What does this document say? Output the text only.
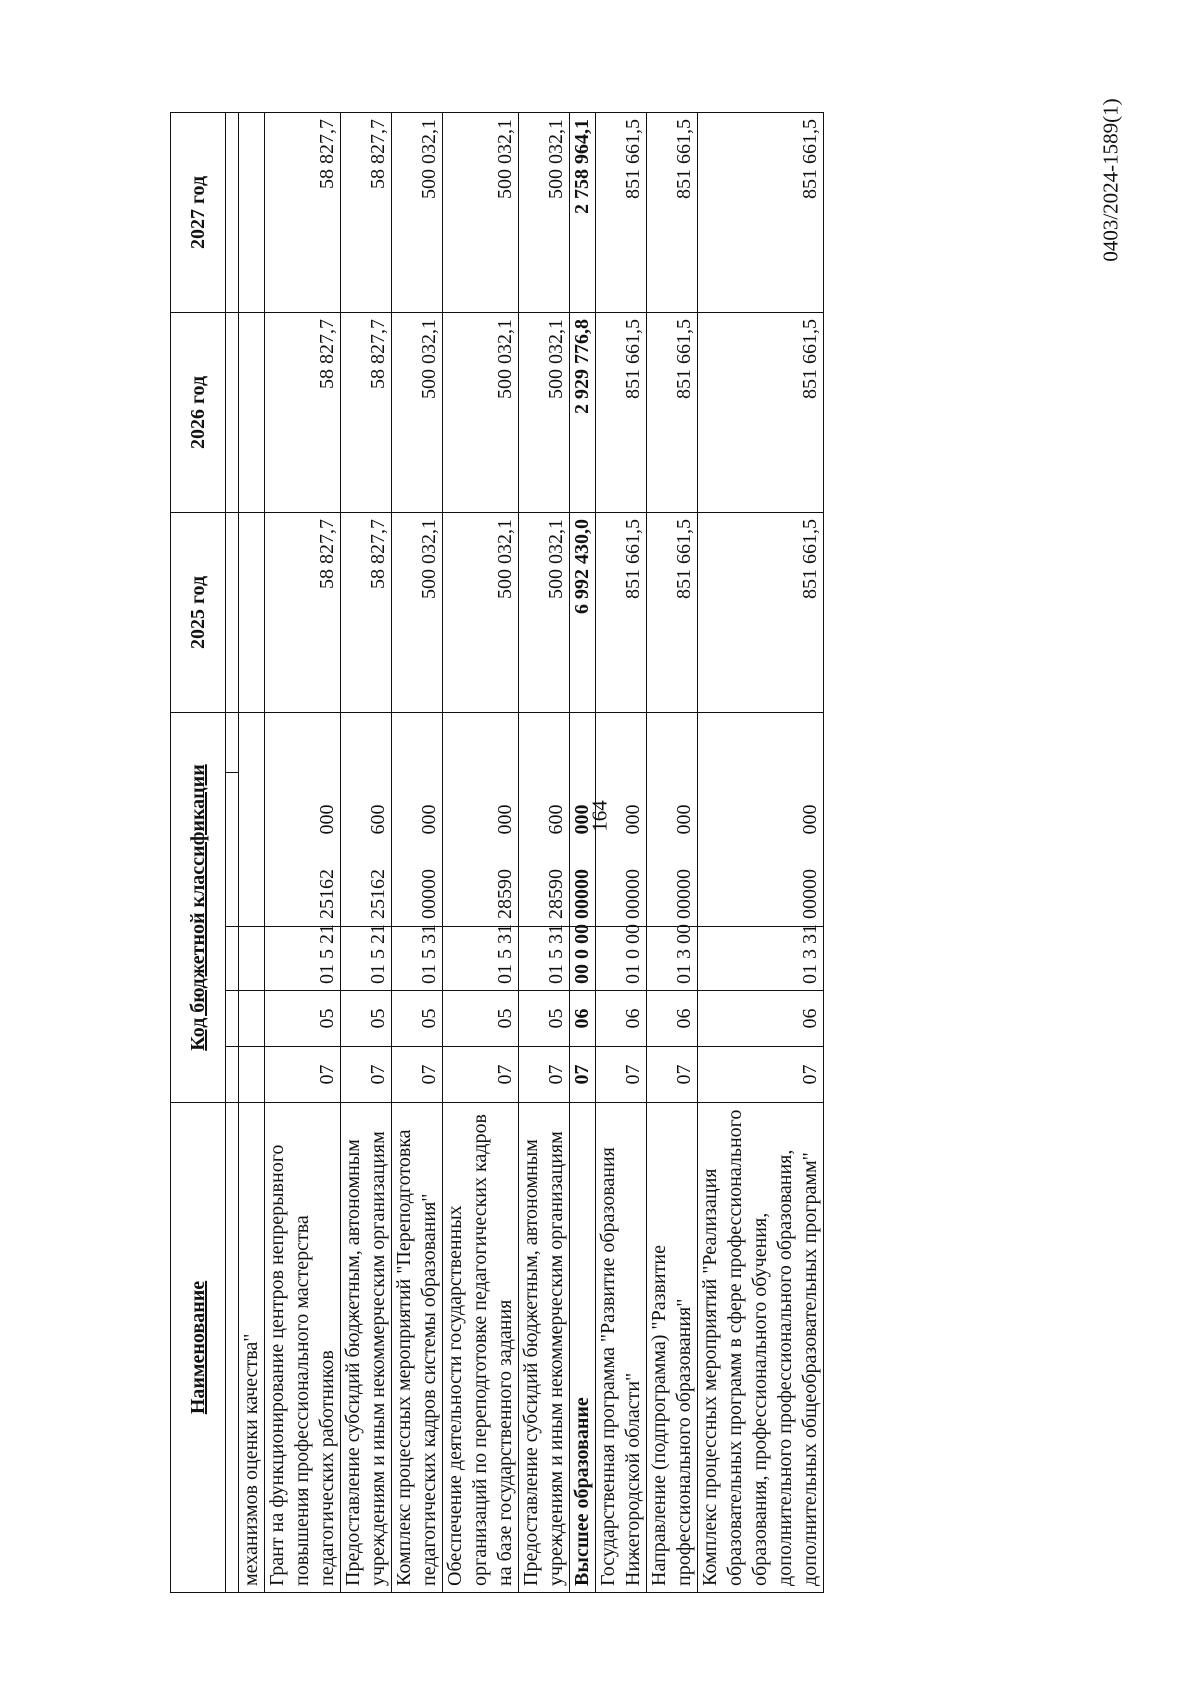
164
0403/2024-1589(1)
Наименование	Код бюджетной классификации					2025 год	2026 год	2027 год

механизмов оценки качества"								
Грант на функционирование центров непрерывного повышения профессионального мастерства педагогических работников	07	05	01 5 21 25162	000		58 827,7	58 827,7	58 827,7
Предоставление субсидий бюджетным, автономным учреждениям и иным некоммерческим организациям	07	05	01 5 21 25162	600		58 827,7	58 827,7	58 827,7
Комплекс процессных мероприятий "Переподготовка педагогических кадров системы образования"	07	05	01 5 31 00000	000		500 032,1	500 032,1	500 032,1
Обеспечение деятельности государственных организаций по переподготовке педагогических кадров на базе государственного задания	07	05	01 5 31 28590	000		500 032,1	500 032,1	500 032,1
Предоставление субсидий бюджетным, автономным учреждениям и иным некоммерческим организациям	07	05	01 5 31 28590	600		500 032,1	500 032,1	500 032,1
Высшее образование	07	06	00 0 00 00000	000		6 992 430,0	2 929 776,8	2 758 964,1
Государственная программа "Развитие образования Нижегородской области"	07	06	01 0 00 00000	000		851 661,5	851 661,5	851 661,5
Направление (подпрограмма) "Развитие профессионального образования"	07	06	01 3 00 00000	000		851 661,5	851 661,5	851 661,5
Комплекс процессных мероприятий "Реализация образовательных программ в сфере профессионального образования, профессионального обучения, дополнительного профессионального образования, дополнительных общеобразовательных программ"	07	06	01 3 31 00000	000		851 661,5	851 661,5	851 661,5
